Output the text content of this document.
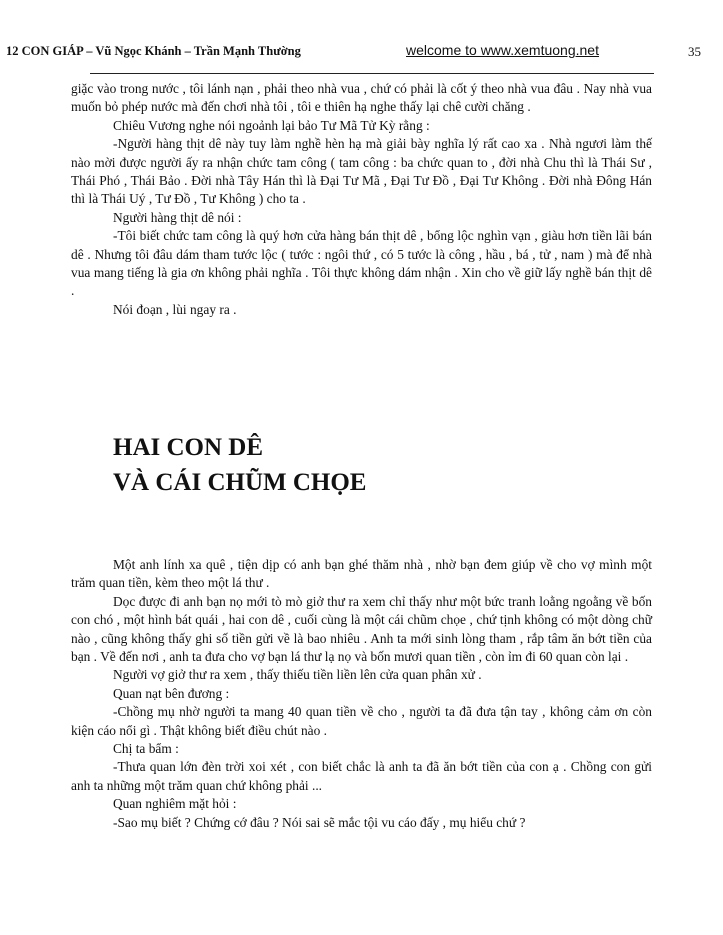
12 CON GIÁP – Vũ Ngọc Khánh – Trần Mạnh Thường	welcome to www.xemtuong.net	35

giặc vào trong nước , tôi lánh nạn , phải theo nhà vua , chứ có phải là cốt ý theo nhà vua đâu . Nay nhà vua muốn bỏ phép nước mà đến chơi nhà tôi , tôi e thiên hạ nghe thấy lại chê cười chăng .

Chiêu Vương nghe nói ngoảnh lại bảo Tư Mã Tử Kỳ rằng :

-Người hàng thịt dê này tuy làm nghề hèn hạ mà giải bày nghĩa lý rất cao xa . Nhà ngươi làm thế nào mời được người ấy ra nhận chức tam công ( tam công : ba chức quan to , đời nhà Chu thì là Thái Sư , Thái Phó , Thái Bảo . Đời nhà Tây Hán thì là Đại Tư Mã , Đại Tư Đồ , Đại Tư Không . Đời nhà Đông Hán thì là Thái Uý , Tư Đồ , Tư Không ) cho ta .

Người hàng thịt dê nói :

-Tôi biết chức tam công là quý hơn cửa hàng bán thịt dê , bổng lộc nghìn vạn , giàu hơn tiền lãi bán dê . Nhưng tôi đâu dám tham tước lộc ( tước : ngôi thứ , có 5 tước là công , hầu , bá , tử , nam ) mà để nhà vua mang tiếng là gia ơn không phải nghĩa . Tôi thực không dám nhận . Xin cho về giữ lấy nghề bán thịt dê .

Nói đoạn , lùi ngay ra .

HAI CON DÊ
VÀ CÁI CHŨM CHỌE

Một anh lính xa quê , tiện dịp có anh bạn ghé thăm nhà , nhờ bạn đem giúp về cho vợ mình một trăm quan tiền, kèm theo một lá thư .

Dọc được đi anh bạn nọ mới tò mò giở thư ra xem chỉ thấy như một bức tranh loằng ngoằng về bốn con chó , một hình bát quái , hai con dê , cuối cùng là một cái chũm chọe , chứ tịnh không có một dòng chữ nào , cũng không thấy ghi số tiền gửi về là bao nhiêu . Anh ta mới sinh lòng tham , rắp tâm ăn bớt tiền của bạn . Về đến nơi , anh ta đưa cho vợ bạn lá thư lạ nọ và bốn mươi quan tiền , còn ỉm đi 60 quan còn lại .

Người vợ giở thư ra xem , thấy thiếu tiền liền lên cửa quan phân xử .

Quan nạt bên đương :

-Chồng mụ nhờ người ta mang 40 quan tiền về cho , người ta đã đưa tận tay , không cảm ơn còn kiện cáo nổi gì . Thật không biết điều chút nào .

Chị ta bẩm :

-Thưa quan lớn đèn trời xoi xét , con biết chắc là anh ta đã ăn bớt tiền của con ạ . Chồng con gửi anh ta những một trăm quan chứ không phải ...

Quan nghiêm mặt hỏi :

-Sao mụ biết ? Chứng cớ đâu ? Nói sai sẽ mắc tội vu cáo đấy , mụ hiểu chứ ?
